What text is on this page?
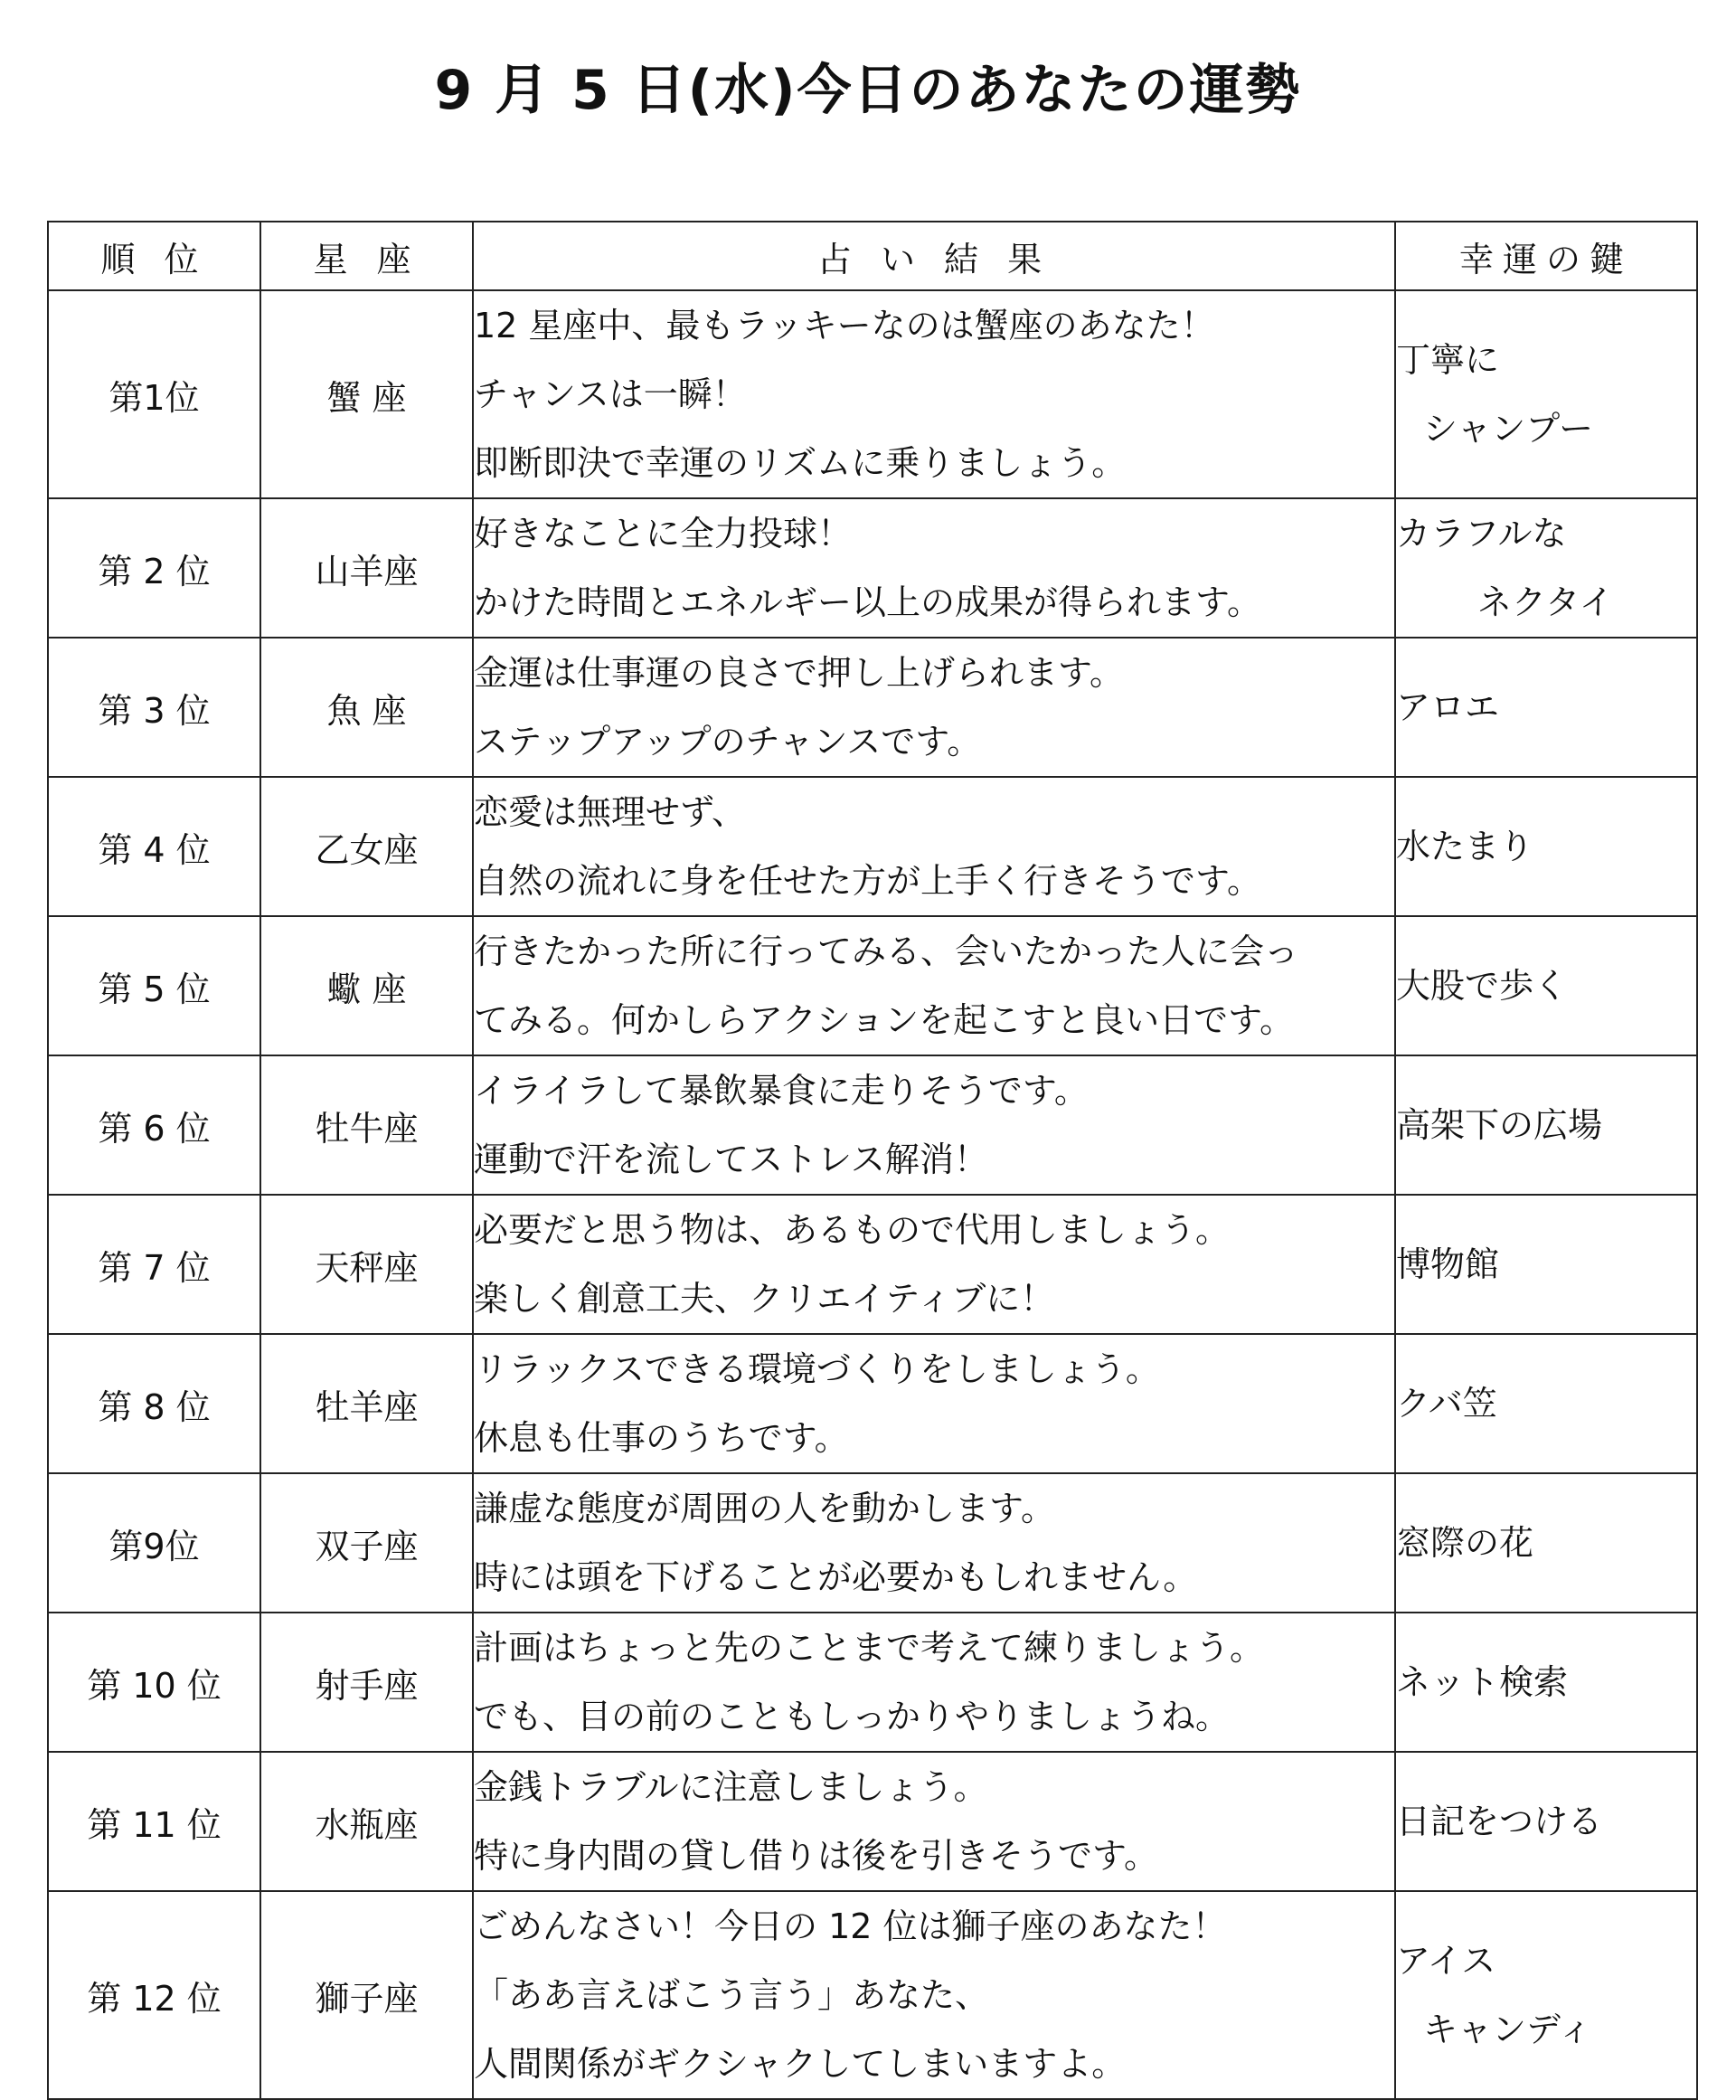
9 月 5 日(水)今日のあなたの運勢
順 位	星 座	占 い 結 果	幸運の鍵
第1位	蟹 座	12 星座中、最もラッキーなのは蟹座のあなた！
チャンスは一瞬！
即断即決で幸運のリズムに乗りましょう。	丁寧に
シャンプー

第 2 位	山羊座	好きなことに全力投球！
かけた時間とエネルギー以上の成果が得られます。	カラフルな
ネクタイ

第 3 位	魚 座	金運は仕事運の良さで押し上げられます。
ステップアップのチャンスです。	アロエ

第 4 位	乙女座	恋愛は無理せず、
自然の流れに身を任せた方が上手く行きそうです。	水たまり

第 5 位	蠍 座	行きたかった所に行ってみる、会いたかった人に会っ
てみる。何かしらアクションを起こすと良い日です。	大股で歩く

第 6 位	牡牛座	イライラして暴飲暴食に走りそうです。
運動で汗を流してストレス解消！	高架下の広場

第 7 位	天秤座	必要だと思う物は、あるもので代用しましょう。
楽しく創意工夫、クリエイティブに！	博物館

第 8 位	牡羊座	リラックスできる環境づくりをしましょう。
休息も仕事のうちです。	クバ笠

第9位	双子座	謙虚な態度が周囲の人を動かします。
時には頭を下げることが必要かもしれません。	窓際の花

第 10 位	射手座	計画はちょっと先のことまで考えて練りましょう。
でも、目の前のこともしっかりやりましょうね。	ネット検索

第 11 位	水瓶座	金銭トラブルに注意しましょう。
特に身内間の貸し借りは後を引きそうです。	日記をつける

第 12 位	獅子座	ごめんなさい！今日の 12 位は獅子座のあなた！
「ああ言えばこう言う」あなた、
人間関係がギクシャクしてしまいますよ。	アイス
キャンディ
